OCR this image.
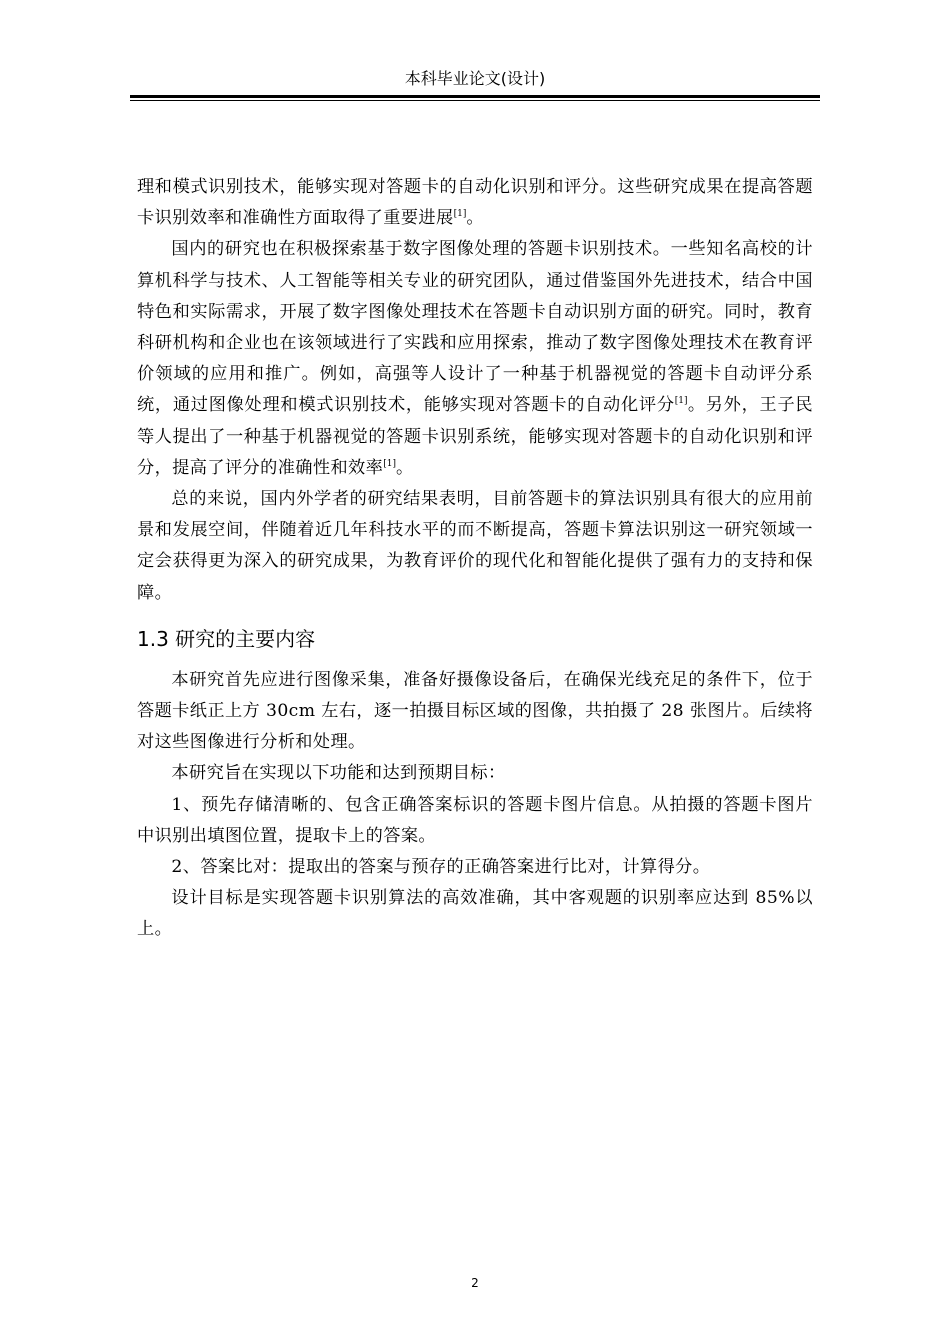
本科毕业论文(设计)

理和模式识别技术，能够实现对答题卡的自动化识别和评分。这些研究成果在提高答题卡识别效率和准确性方面取得了重要进展[1]。

国内的研究也在积极探索基于数字图像处理的答题卡识别技术。一些知名高校的计算机科学与技术、人工智能等相关专业的研究团队，通过借鉴国外先进技术，结合中国特色和实际需求，开展了数字图像处理技术在答题卡自动识别方面的研究。同时，教育科研机构和企业也在该领域进行了实践和应用探索，推动了数字图像处理技术在教育评价领域的应用和推广。例如，高强等人设计了一种基于机器视觉的答题卡自动评分系统，通过图像处理和模式识别技术，能够实现对答题卡的自动化评分[1]。另外，王子民等人提出了一种基于机器视觉的答题卡识别系统，能够实现对答题卡的自动化识别和评分，提高了评分的准确性和效率[1]。

总的来说，国内外学者的研究结果表明，目前答题卡的算法识别具有很大的应用前景和发展空间，伴随着近几年科技水平的而不断提高，答题卡算法识别这一研究领域一定会获得更为深入的研究成果，为教育评价的现代化和智能化提供了强有力的支持和保障。

1.3 研究的主要内容

本研究首先应进行图像采集，准备好摄像设备后，在确保光线充足的条件下，位于答题卡纸正上方 30cm 左右，逐一拍摄目标区域的图像，共拍摄了 28 张图片。后续将对这些图像进行分析和处理。

本研究旨在实现以下功能和达到预期目标：

1、预先存储清晰的、包含正确答案标识的答题卡图片信息。从拍摄的答题卡图片中识别出填图位置，提取卡上的答案。

2、答案比对：提取出的答案与预存的正确答案进行比对，计算得分。

设计目标是实现答题卡识别算法的高效准确，其中客观题的识别率应达到 85%以上。

2
